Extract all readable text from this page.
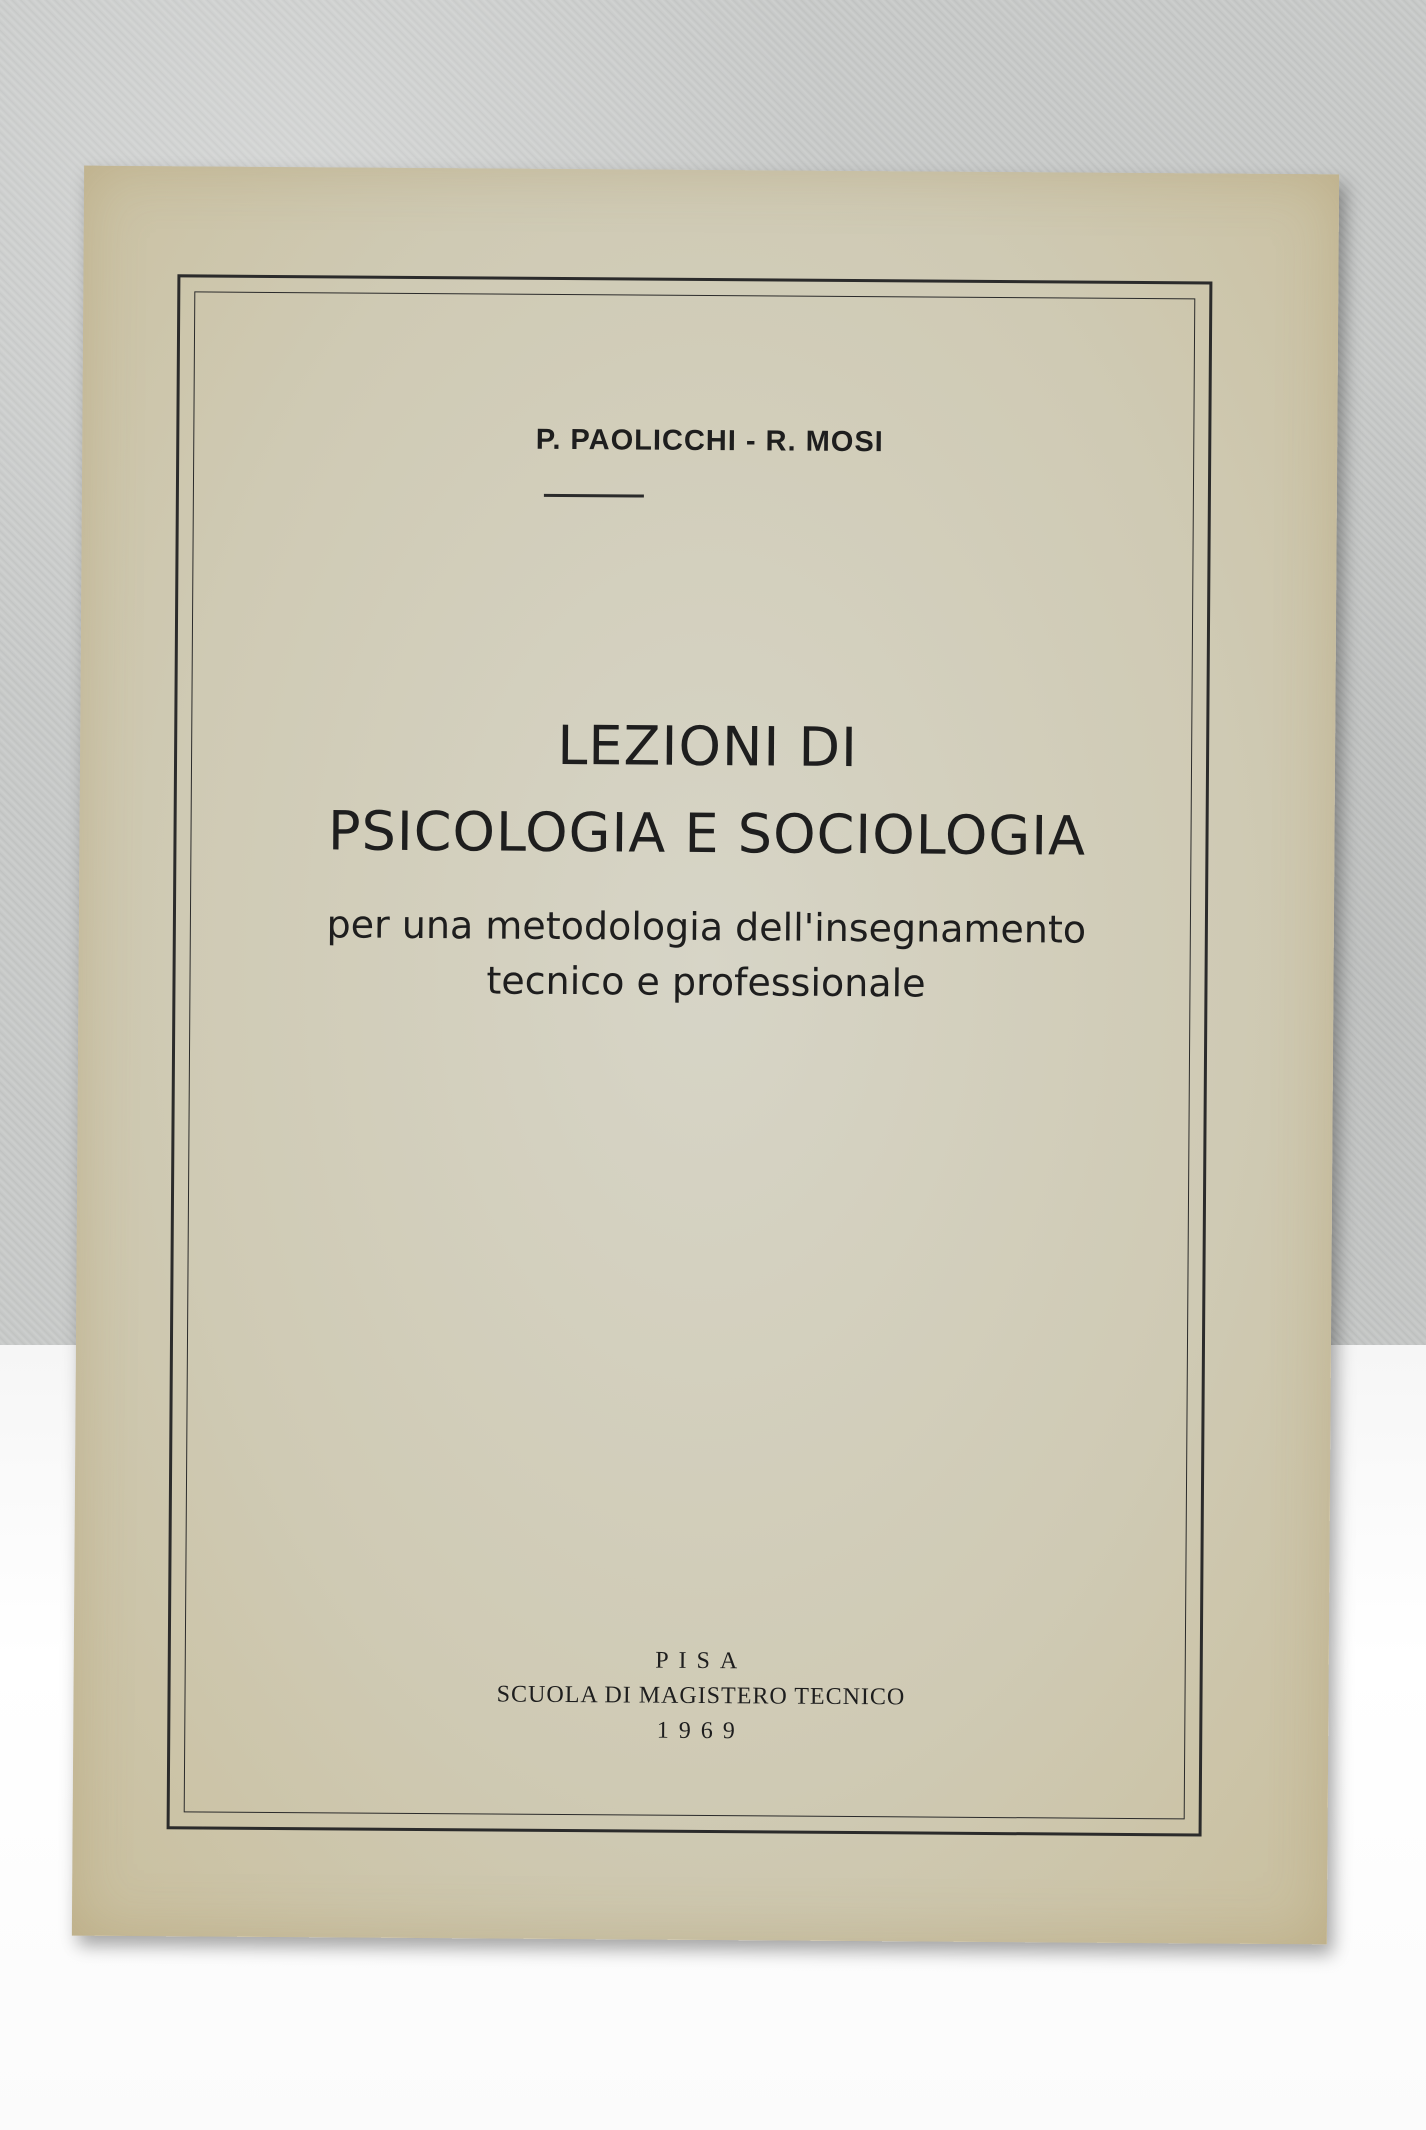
P. PAOLICCHI - R. MOSI
LEZIONI DI
PSICOLOGIA E SOCIOLOGIA
per una metodologia dell'insegnamento
tecnico e professionale
PISA
SCUOLA DI MAGISTERO TECNICO
1969
